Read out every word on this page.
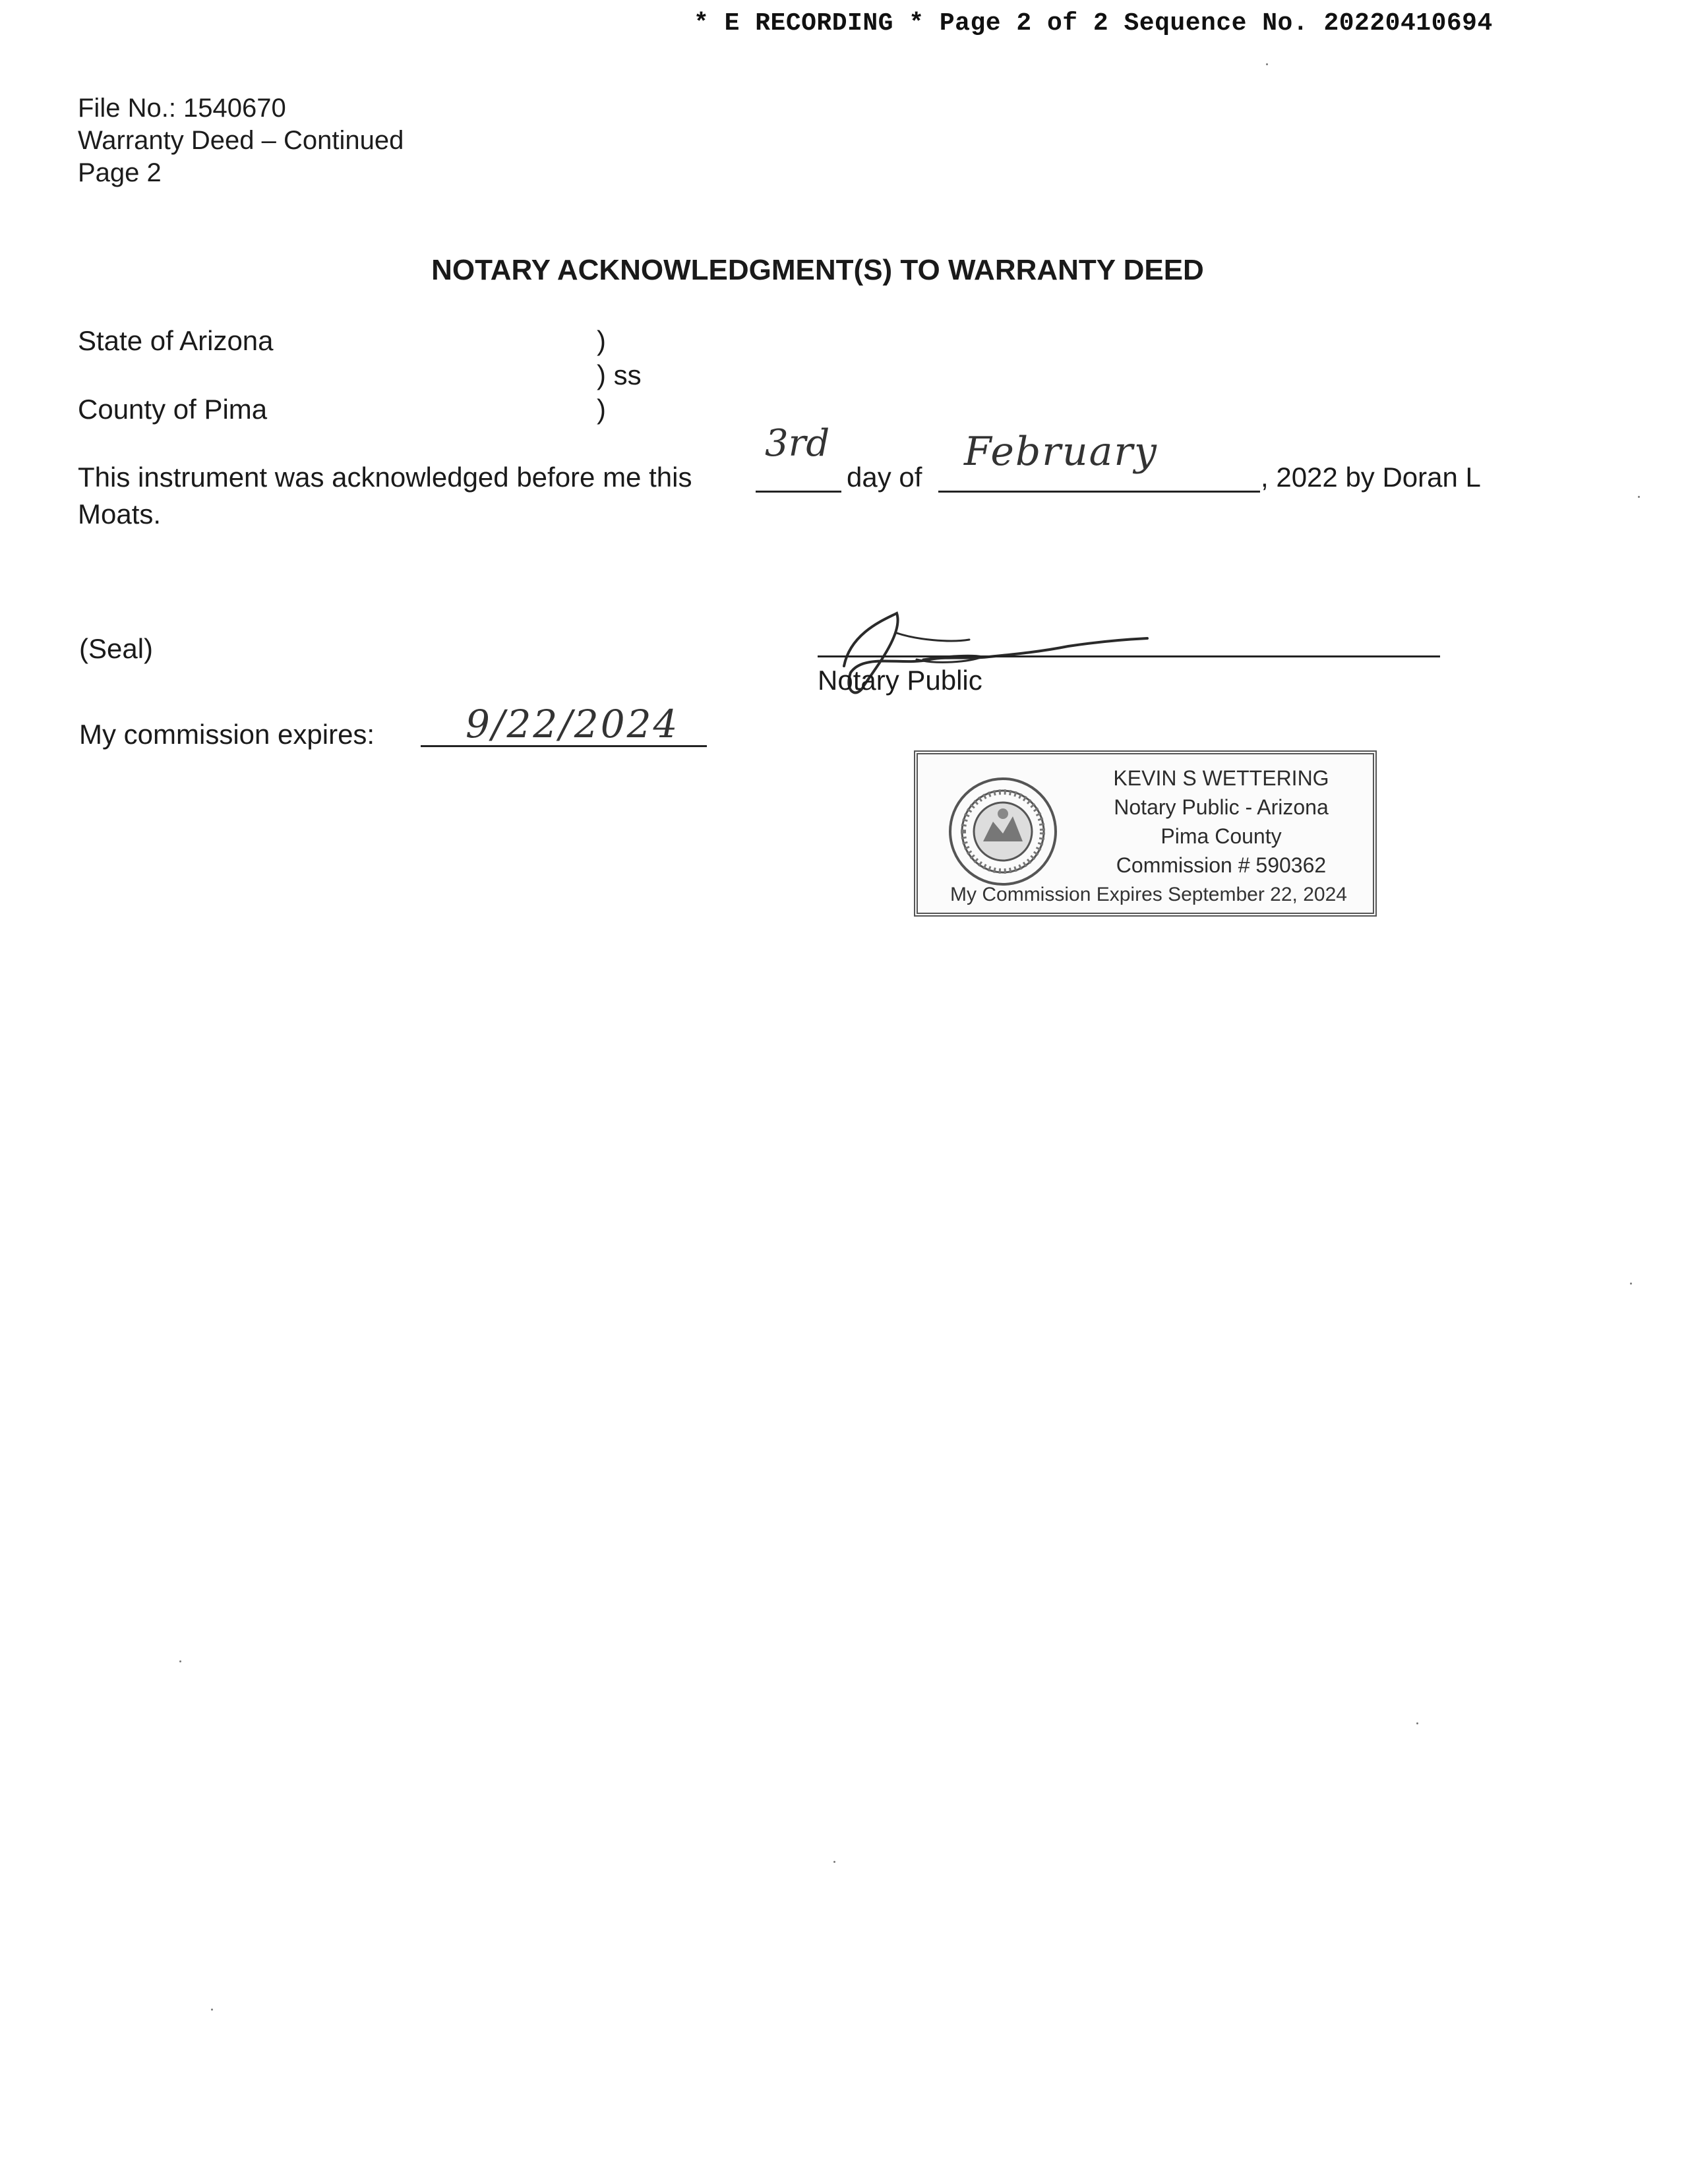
* E RECORDING * Page 2 of 2 Sequence No. 20220410694
File No.: 1540670
Warranty Deed – Continued
Page 2
NOTARY ACKNOWLEDGMENT(S) TO WARRANTY DEED
State of Arizona
County of Pima
)
) ss
)
This instrument was acknowledged before me this
3rd
day of
February
, 2022 by Doran L
Moats.
(Seal)
Notary Public
My commission expires: 9/22/2024
KEVIN S WETTERING
Notary Public - Arizona
Pima County
Commission # 590362
My Commission Expires September 22, 2024
